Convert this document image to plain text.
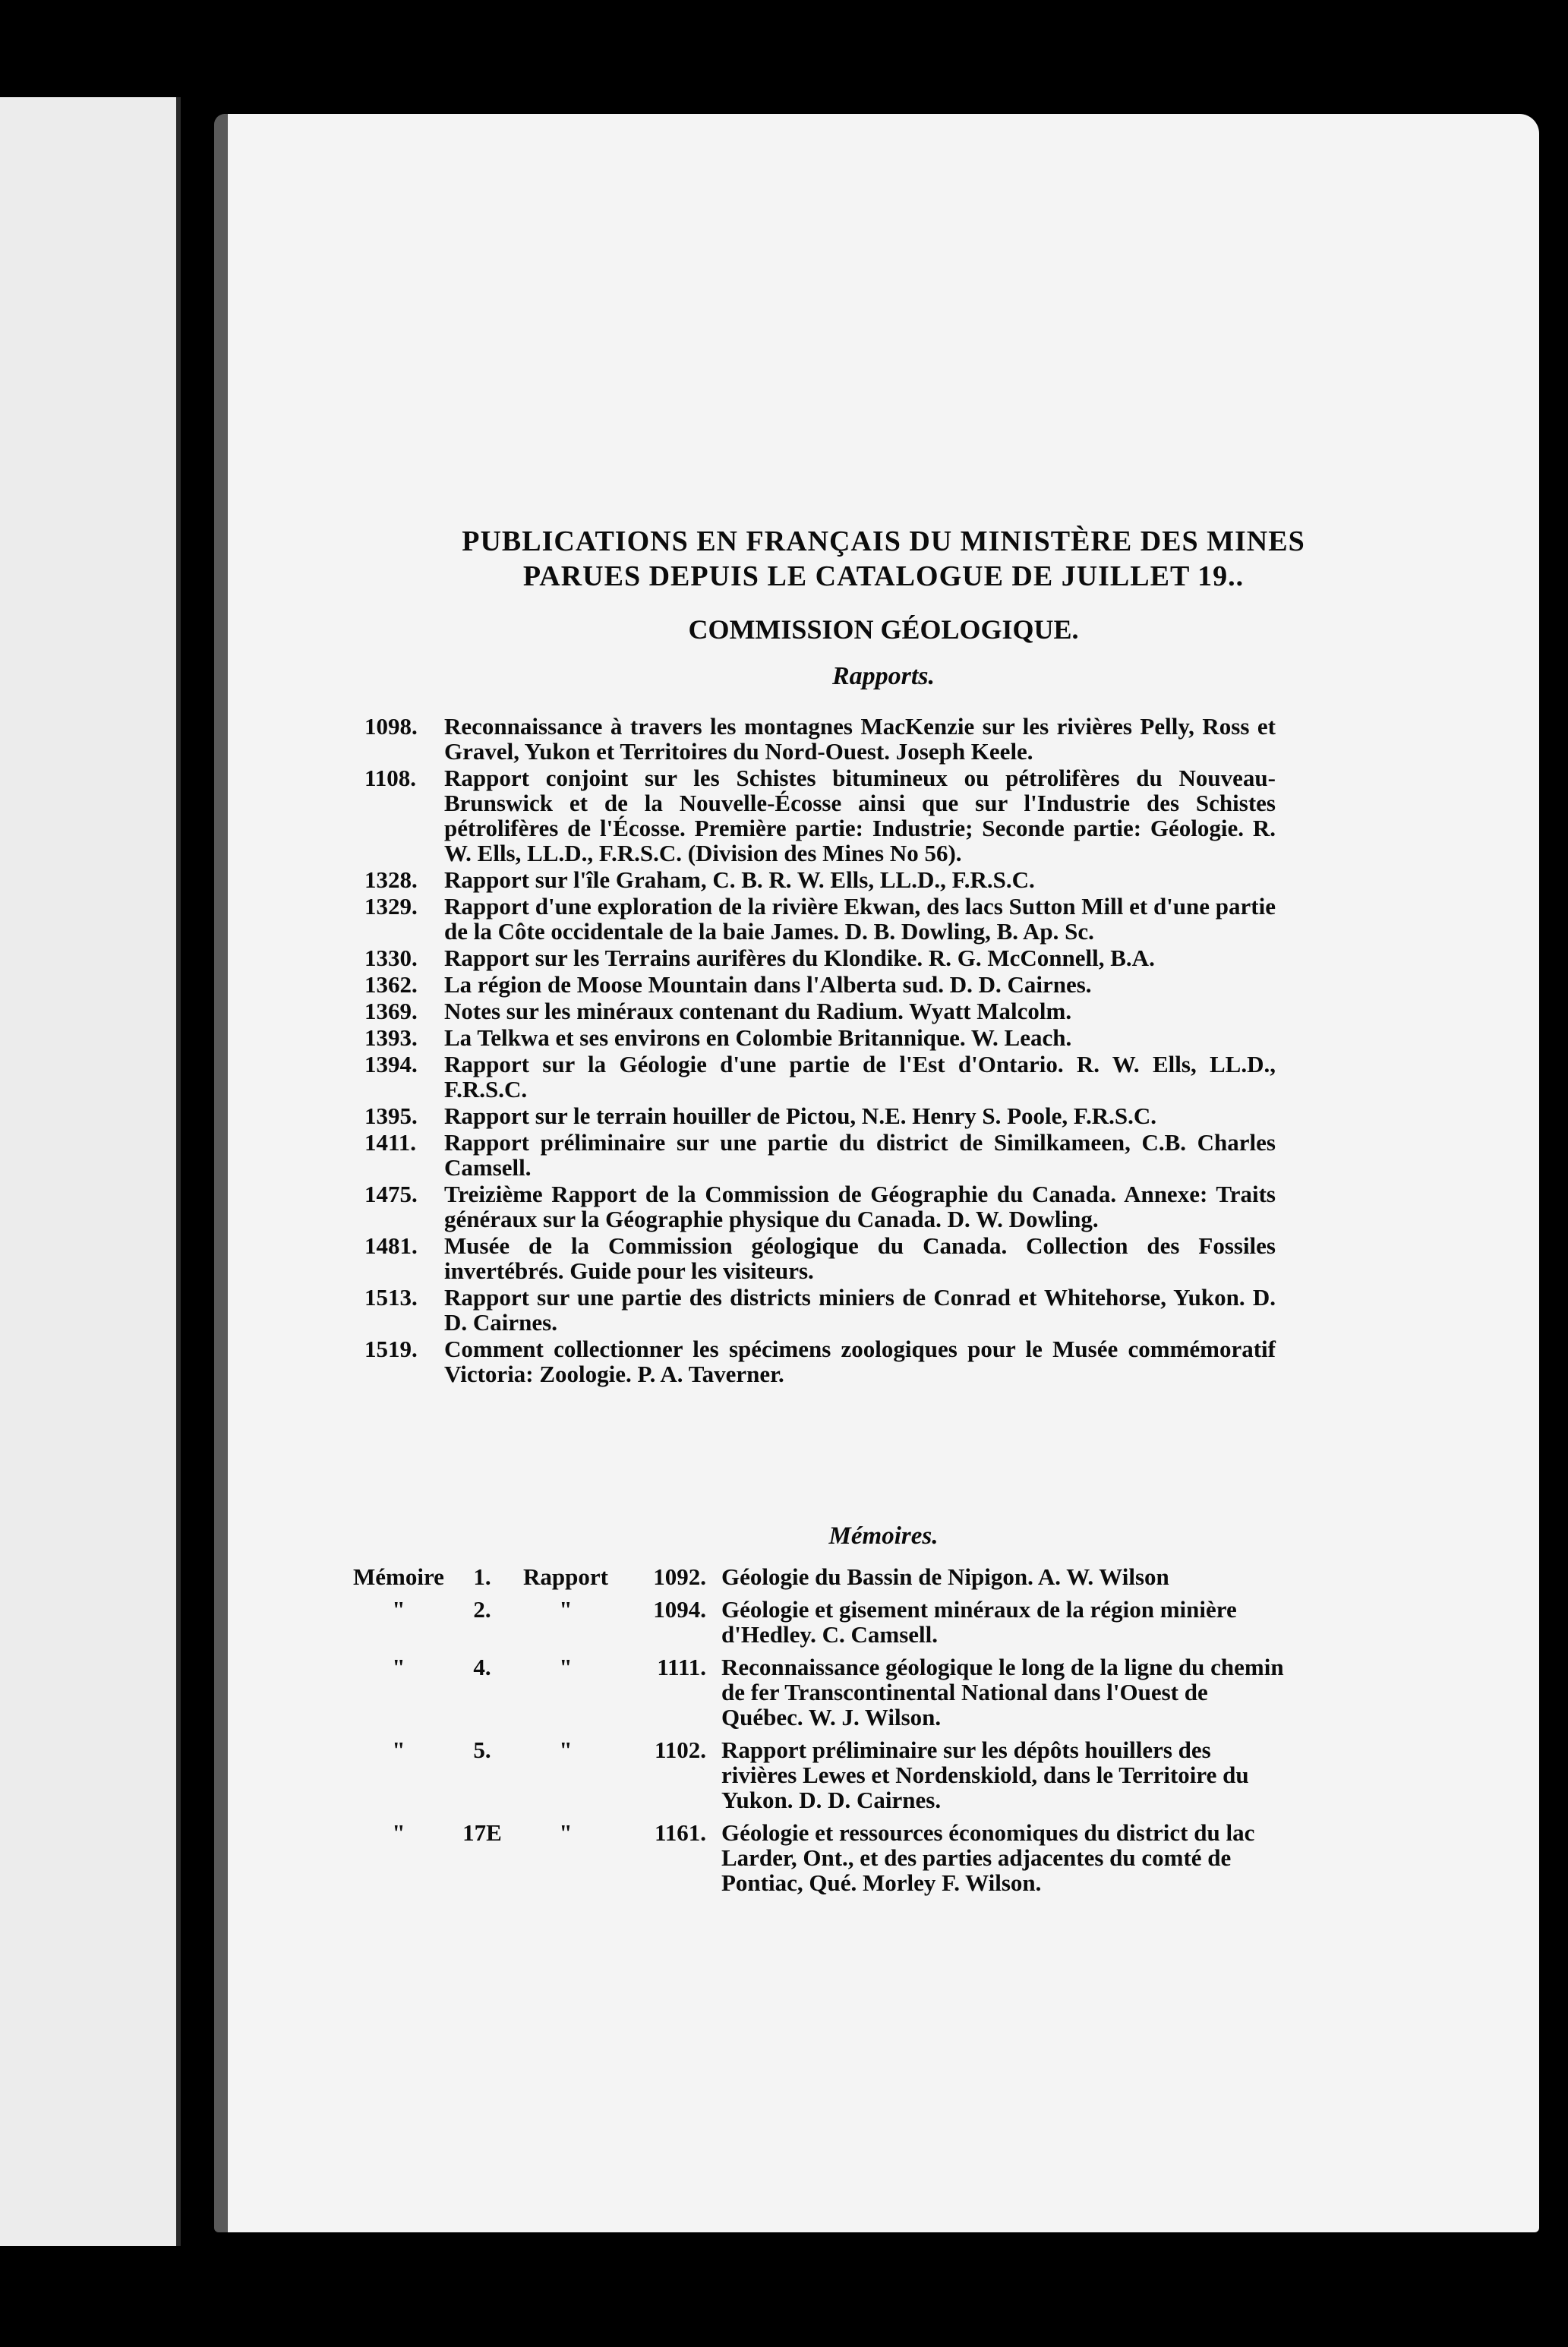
PUBLICATIONS EN FRANÇAIS DU MINISTÈRE DES MINES
PARUES DEPUIS LE CATALOGUE DE JUILLET 19..
COMMISSION GÉOLOGIQUE.
Rapports.
1098.	Reconnaissance à travers les montagnes MacKenzie sur les rivières Pelly, Ross et Gravel, Yukon et Territoires du Nord-Ouest. Joseph Keele.
1108.	Rapport conjoint sur les Schistes bitumineux ou pétrolifères du Nouveau-Brunswick et de la Nouvelle-Écosse ainsi que sur l'Industrie des Schistes pétrolifères de l'Écosse. Première partie: Industrie; Seconde partie: Géologie. R. W. Ells, LL.D., F.R.S.C. (Division des Mines No 56).
1328.	Rapport sur l'île Graham, C. B. R. W. Ells, LL.D., F.R.S.C.
1329.	Rapport d'une exploration de la rivière Ekwan, des lacs Sutton Mill et d'une partie de la Côte occidentale de la baie James. D. B. Dowling, B. Ap. Sc.
1330.	Rapport sur les Terrains aurifères du Klondike. R. G. McConnell, B.A.
1362.	La région de Moose Mountain dans l'Alberta sud. D. D. Cairnes.
1369.	Notes sur les minéraux contenant du Radium. Wyatt Malcolm.
1393.	La Telkwa et ses environs en Colombie Britannique. W. Leach.
1394.	Rapport sur la Géologie d'une partie de l'Est d'Ontario. R. W. Ells, LL.D., F.R.S.C.
1395.	Rapport sur le terrain houiller de Pictou, N.E. Henry S. Poole, F.R.S.C.
1411.	Rapport préliminaire sur une partie du district de Similkameen, C.B. Charles Camsell.
1475.	Treizième Rapport de la Commission de Géographie du Canada. Annexe: Traits généraux sur la Géographie physique du Canada. D. W. Dowling.
1481.	Musée de la Commission géologique du Canada. Collection des Fossiles invertébrés. Guide pour les visiteurs.
1513.	Rapport sur une partie des districts miniers de Conrad et Whitehorse, Yukon. D. D. Cairnes.
1519.	Comment collectionner les spécimens zoologiques pour le Musée commémoratif Victoria: Zoologie. P. A. Taverner.
Mémoires.
Mémoire	1.	Rapport	1092. Géologie du Bassin de Nipigon. A. W. Wilson
"	2.	"	1094. Géologie et gisement minéraux de la région minière d'Hedley. C. Camsell.
"	4.	"	1111. Reconnaissance géologique le long de la ligne du chemin de fer Transcontinental National dans l'Ouest de Québec. W. J. Wilson.
"	5.	"	1102. Rapport préliminaire sur les dépôts houillers des rivières Lewes et Nordenskiold, dans le Territoire du Yukon. D. D. Cairnes.
"	17E	"	1161. Géologie et ressources économiques du district du lac Larder, Ont., et des parties adjacentes du comté de Pontiac, Qué. Morley F. Wilson.
